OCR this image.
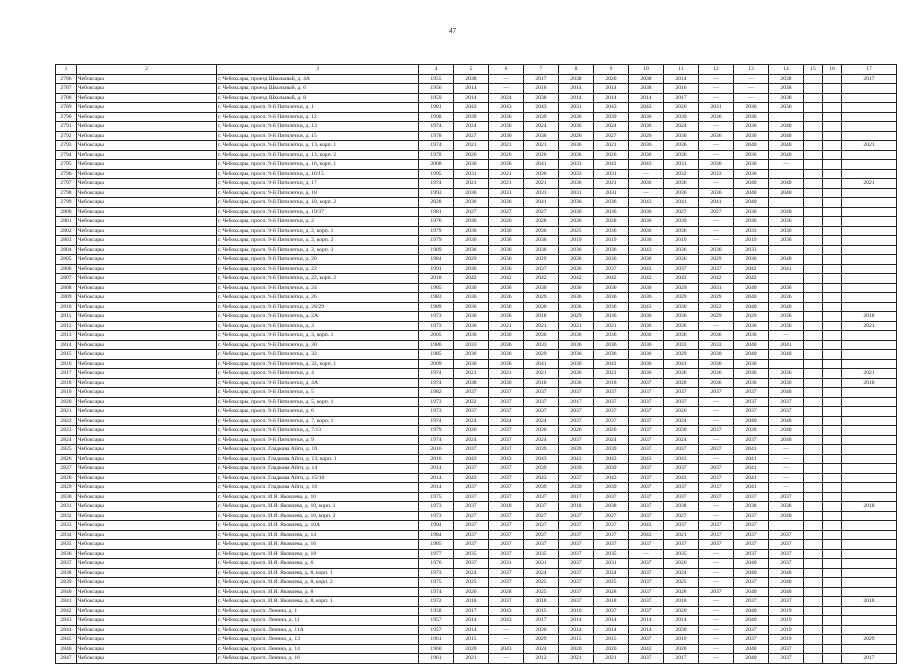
47
1	2	3	4	5	6	7	8	9	10	11	12	13	14	15	16	17
2786	Чебоксары	г. Чебоксары, проезд Школьный, д. 4А	1955	2038	—	2017	2038	2020	2038	2014	—	—	2038			2017
2787	Чебоксары	г. Чебоксары, проезд Школьный, д. 6	1956	2014	—	2016	2014	2014	2038	2016	—	—	2038			
2788	Чебоксары	г. Чебоксары, проезд Школьный, д. 8	1959	2014	2024	2038	2014	2014	2014	2017	—	—	2038			
2789	Чебоксары	г. Чебоксары, просп. 9-й Пятилетки, д. 1	1981	2043	2043	2043	2031	2043	2043	2026	2031	2036	2036			
2790	Чебоксары	г. Чебоксары, просп. 9-й Пятилетки, д. 12	1998	2039	2036	2039	2036	2039	2036	2039	2036	2036				
2791	Чебоксары	г. Чебоксары, просп. 9-й Пятилетки, д. 13	1974	2024	2036	2024	2036	2024	2036	2024	—	2036	2040			
2792	Чебоксары	г. Чебоксары, просп. 9-й Пятилетки, д. 15	1978	2027	2030	2036	2026	2027	2026	2030	2036	2036	2040			
2793	Чебоксары	г. Чебоксары, просп. 9-й Пятилетки, д. 13, корп. 1	1974	2021	2021	2021	2036	2021	2036	2036	—	2040	2040			2021
2794	Чебоксары	г. Чебоксары, просп. 9-й Пятилетки, д. 13, корп. 2	1978	2026	2026	2026	2036	2026	2036	2036	—	2036	2040			
2795	Чебоксары	г. Чебоксары, просп. 9-й Пятилетки, д. 16, корп. 1	2008	2036	2036	2041	2033	2041	2043	2031	2036	2036	—			
2796	Чебоксары	г. Чебоксары, просп. 9-й Пятилетки, д. 16/15	1995	2031	2021	2036	2033	2031	—	2032	2033	2036				
2797	Чебоксары	г. Чебоксары, просп. 9-й Пятилетки, д. 17	1974	2021	2021	2021	2036	2021	2036	2036	—	2040	2040			2021
2798	Чебоксары	г. Чебоксары, просп. 9-й Пятилетки, д. 18	1993	2036	2031	2031	2031	2031	—	2036	2036	2040	2040			
2799	Чебоксары	г. Чебоксары, просп. 9-й Пятилетки, д. 18, корп. 2	2028	2036	2036	2041	2036	2036	2043	2041	2041	2040				
2800	Чебоксары	г. Чебоксары, просп. 9-й Пятилетки, д. 19/37	1981	2027	2027	2027	2036	2036	2036	2027	2027	2036	2040			
2801	Чебоксары	г. Чебоксары, просп. 9-й Пятилетки, д. 2	1976	2036	2026	2028	2036	2028	2036	2039	—	2036	2036			
2802	Чебоксары	г. Чебоксары, просп. 9-й Пятилетки, д. 2, корп. 1	1979	2036	2036	2036	2025	2036	2036	2036	—	2033	2036			
2803	Чебоксары	г. Чебоксары, просп. 9-й Пятилетки, д. 2, корп. 2	1979	2036	2036	2036	2019	2019	2036	2019	—	2019	2036			
2804	Чебоксары	г. Чебоксары, просп. 9-й Пятилетки, д. 2, корп. 3	1989	2036	2036	2036	2036	2036	2043	2036	2036	2033				
2805	Чебоксары	г. Чебоксары, просп. 9-й Пятилетки, д. 20	1984	2029	2036	2029	2036	2036	2036	2036	2029	2036	2040			
2806	Чебоксары	г. Чебоксары, просп. 9-й Пятилетки, д. 22	1991	2036	2036	2037	2036	2037	2043	2037	2037	2042	2041			
2807	Чебоксары	г. Чебоксары, просп. 9-й Пятилетки, д. 22, корп. 2	2018	2042	2042	2042	2042	2042	2042	2042	2042	2042				
2808	Чебоксары	г. Чебоксары, просп. 9-й Пятилетки, д. 24	1985	2036	2036	2030	2036	2036	2036	2029	2031	2040	2036			
2809	Чебоксары	г. Чебоксары, просп. 9-й Пятилетки, д. 26	1983	2036	2036	2029	2036	2036	2036	2029	2029	2040	2036			
2810	Чебоксары	г. Чебоксары, просп. 9-й Пятилетки, д. 28/29	1989	2036	2036	2030	2036	2036	2043	2030	2022	2040	2040			
2811	Чебоксары	г. Чебоксары, просп. 9-й Пятилетки, д. 2А	1973	2036	2036	2018	2029	2036	2036	2036	2029	2029	2036			2018
2812	Чебоксары	г. Чебоксары, просп. 9-й Пятилетки, д. 3	1973	2036	2021	2021	2021	2021	2036	2036	—	2036	2036			2021
2813	Чебоксары	г. Чебоксары, просп. 9-й Пятилетки, д. 3, корп. 1	2005	2036	2036	2036	2036	2036	2036	2036	2036	2036	—			
2814	Чебоксары	г. Чебоксары, просп. 9-й Пятилетки, д. 30	1986	2033	2036	2033	2036	2036	2036	2033	2033	2040	2041			
2815	Чебоксары	г. Чебоксары, просп. 9-й Пятилетки, д. 32	1985	2036	2036	2029	2036	2036	2036	2029	2030	2040	2040			
2816	Чебоксары	г. Чебоксары, просп. 9-й Пятилетки, д. 32, корп. 1	2009	2036	2036	2041	2036	2041	2036	2041	2036	2036				
2817	Чебоксары	г. Чебоксары, просп. 9-й Пятилетки, д. 4	1974	2021	2021	2021	2036	2021	2036	2036	2036	2036	2036			2021
2818	Чебоксары	г. Чебоксары, просп. 9-й Пятилетки, д. 4А	1974	2038	2036	2018	2036	2018	2037	2028	2036	2036	2036			2018
2819	Чебоксары	г. Чебоксары, просп. 9-й Пятилетки, д. 5	1982	2037	2037	2037	2037	2037	2037	2037	2037	2037	2040			
2820	Чебоксары	г. Чебоксары, просп. 9-й Пятилетки, д. 5, корп. 1	1973	2022	2037	2037	2017	2037	2037	2037	—	2037	2037			
2821	Чебоксары	г. Чебоксары, просп. 9-й Пятилетки, д. 6	1973	2037	2037	2037	2037	2037	2037	2026	—	2037	2037			
2822	Чебоксары	г. Чебоксары, просп. 9-й Пятилетки, д. 7, корп. 1	1974	2024	2024	2024	2037	2037	2037	2024	—	2040	2040			
2823	Чебоксары	г. Чебоксары, просп. 9-й Пятилетки, д. 7/13	1979	2026	2037	2030	2026	2026	2037	2030	2037	2028	2040			
2824	Чебоксары	г. Чебоксары, просп. 9-й Пятилетки, д. 9	1974	2024	2037	2024	2037	2024	2037	2024	—	2037	2040			
2825	Чебоксары	г. Чебоксары, просп. Гладкова Айги, д. 10	2016	2037	2037	2039	2039	2039	2037	2037	2037	2041	—			
2826	Чебоксары	г. Чебоксары, просп. Гладкова Айги, д. 13, корп. 1	2016	2043	2043	2043	2043	2043	2043	2043	—	2041	—			
2827	Чебоксары	г. Чебоксары, просп. Гладкова Айги, д. 14	2014	2037	2037	2039	2039	2039	2037	2037	2037	2041	—			
2828	Чебоксары	г. Чебоксары, просп. Гладкова Айги, д. 15/10	2014	2043	2037	2043	2037	2043	2037	2043	2037	2041	—			
2829	Чебоксары	г. Чебоксары, просп. Гладкова Айги, д. 16	2014	2037	2037	2039	2039	2039	2037	2037	2037	2041	—			
2830	Чебоксары	г. Чебоксары, просп. И.Я. Яковлева, д. 10	1975	2037	2037	2037	2017	2037	2037	2037	2037	2037	2037			
2831	Чебоксары	г. Чебоксары, просп. И.Я. Яковлева, д. 10, корп. 1	1973	2037	2018	2037	2018	2038	2037	2038	—	2038	2038			2018
2832	Чебоксары	г. Чебоксары, просп. И.Я. Яковлева, д. 10, корп. 2	1973	2027	2037	2027	2037	2027	2037	2027	—	2037	2040			
2833	Чебоксары	г. Чебоксары, просп. И.Я. Яковлева, д. 10А	1994	2037	2037	2037	2037	2037	2043	2037	2037	2037				
2834	Чебоксары	г. Чебоксары, просп. И.Я. Яковлева, д. 14	1984	2037	2037	2037	2037	2037	2043	2021	2037	2037	2037			
2835	Чебоксары	г. Чебоксары, просп. И.Я. Яковлева, д. 16	1985	2037	2037	2037	2037	2037	2037	2037	2037	2037	2037			
2836	Чебоксары	г. Чебоксары, просп. И.Я. Яковлева, д. 18	1977	2035	2037	2035	2037	2035	—	2035	—	2037	2037			
2837	Чебоксары	г. Чебоксары, просп. И.Я. Яковлева, д. 6	1976	2037	2031	2031	2037	2031	2037	2026	—	2040	2037			
2838	Чебоксары	г. Чебоксары, просп. И.Я. Яковлева, д. 8, корп. 1	1973	2024	2037	2024	2037	2024	2037	2024	—	2040	2040			
2839	Чебоксары	г. Чебоксары, просп. И.Я. Яковлева, д. 8, корп. 2	1975	2025	2037	2025	2037	2025	2037	2025	—	2037	2040			
2840	Чебоксары	г. Чебоксары, просп. И.Я. Яковлева, д. 8	1974	2026	2028	2025	2037	2028	2037	2028	2037	2040	2040			
2841	Чебоксары	г. Чебоксары, просп. И.Я. Яковлева, д. 8, корп. 1	1972	2018	2037	2018	2037	2018	2037	2018	—	2037	2037			2018
2842	Чебоксары	г. Чебоксары, просп. Ленина, д. 1	1958	2017	2043	2015	2016	2037	2037	2026	—	2040	2019			
2843	Чебоксары	г. Чебоксары, просп. Ленина, д. 11	1957	2014	2043	2017	2014	2014	2014	2014	—	2040	2019			
2844	Чебоксары	г. Чебоксары, просп. Ленина, д. 11А	1957	2014	—	2030	2014	2014	2014	2030	—	2037	2019			
2845	Чебоксары	г. Чебоксары, просп. Ленина, д. 13	1961	2015	—	2029	2015	2015	2037	2019	—	2037	2019			2029
2846	Чебоксары	г. Чебоксары, просп. Ленина, д. 14	1960	2020	2043	2024	2020	2020	2043	2020	—	2040	2037			
2847	Чебоксары	г. Чебоксары, просп. Ленина, д. 16	1961	2021	—	2012	2021	2021	2037	2017	—	2040	2037			2017
